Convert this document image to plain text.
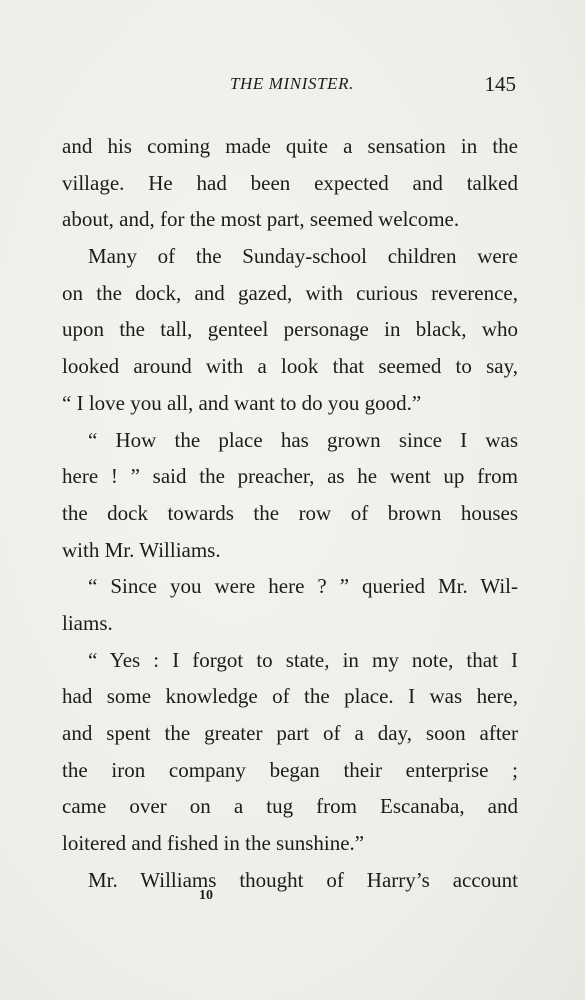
THE MINISTER.	145
and his coming made quite a sensation in the
village. He had been expected and talked
about, and, for the most part, seemed welcome.
Many of the Sunday-school children were
on the dock, and gazed, with curious reverence,
upon the tall, genteel personage in black, who
looked around with a look that seemed to say,
“ I love you all, and want to do you good.”
“ How the place has grown since I was
here ! ” said the preacher, as he went up from
the dock towards the row of brown houses
with Mr. Williams.
“ Since you were here ? ” queried Mr. Wil-
liams.
“ Yes : I forgot to state, in my note, that I
had some knowledge of the place. I was here,
and spent the greater part of a day, soon after
the iron company began their enterprise ;
came over on a tug from Escanaba, and
loitered and fished in the sunshine.”
Mr. Williams thought of Harry’s account
10
